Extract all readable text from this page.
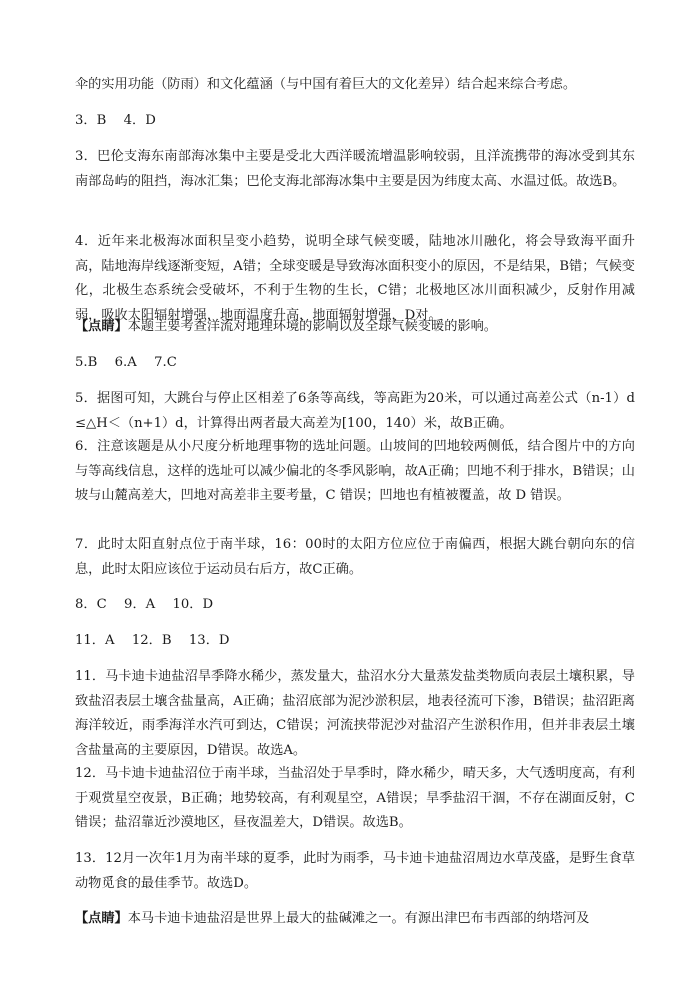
伞的实用功能（防雨）和文化蕴涵（与中国有着巨大的文化差异）结合起来综合考虑。

3．B　 4．D

3．巴伦支海东南部海冰集中主要是受北大西洋暖流增温影响较弱，且洋流携带的海冰受到其东南部岛屿的阻挡，海冰汇集；巴伦支海北部海冰集中主要是因为纬度太高、水温过低。故选B。

4．近年来北极海冰面积呈变小趋势，说明全球气候变暖，陆地冰川融化，将会导致海平面升高，陆地海岸线逐渐变短，A错；全球变暖是导致海冰面积变小的原因，不是结果，B错；气候变化，北极生态系统会受破坏，不利于生物的生长，C错；北极地区冰川面积减少，反射作用减弱，吸收太阳辐射增强，地面温度升高，地面辐射增强，D对。

【点睛】本题主要考查洋流对地理环境的影响以及全球气候变暖的影响。

5.B　 6.A　 7.C

5．据图可知，大跳台与停止区相差了6条等高线，等高距为20米，可以通过高差公式（n-1）d≤△H＜（n+1）d，计算得出两者最大高差为[100，140）米，故B正确。

6．注意该题是从小尺度分析地理事物的选址问题。山坡间的凹地较两侧低，结合图片中的方向与等高线信息，这样的选址可以减少偏北的冬季风影响，故A正确；凹地不利于排水，B错误；山坡与山麓高差大，凹地对高差非主要考量，C 错误；凹地也有植被覆盖，故 D 错误。

7．此时太阳直射点位于南半球，16：00时的太阳方位应位于南偏西，根据大跳台朝向东的信息，此时太阳应该位于运动员右后方，故C正确。

8．C　 9．A　 10．D

11．A　 12．B　 13．D

11．马卡迪卡迪盐沼旱季降水稀少，蒸发量大，盐沼水分大量蒸发盐类物质向表层土壤积累，导致盐沼表层土壤含盐量高，A正确；盐沼底部为泥沙淤积层，地表径流可下渗，B错误；盐沼距离海洋较近，雨季海洋水汽可到达，C错误；河流挟带泥沙对盐沼产生淤积作用，但并非表层土壤含盐量高的主要原因，D错误。故选A。

12．马卡迪卡迪盐沼位于南半球，当盐沼处于旱季时，降水稀少，晴天多，大气透明度高，有利于观赏星空夜景，B正确；地势较高，有利观星空，A错误；旱季盐沼干涸，不存在湖面反射，C错误；盐沼靠近沙漠地区，昼夜温差大，D错误。故选B。

13．12月一次年1月为南半球的夏季，此时为雨季，马卡迪卡迪盐沼周边水草茂盛，是野生食草动物觅食的最佳季节。故选D。

【点睛】本马卡迪卡迪盐沼是世界上最大的盐碱滩之一。有源出津巴布韦西部的纳塔河及
